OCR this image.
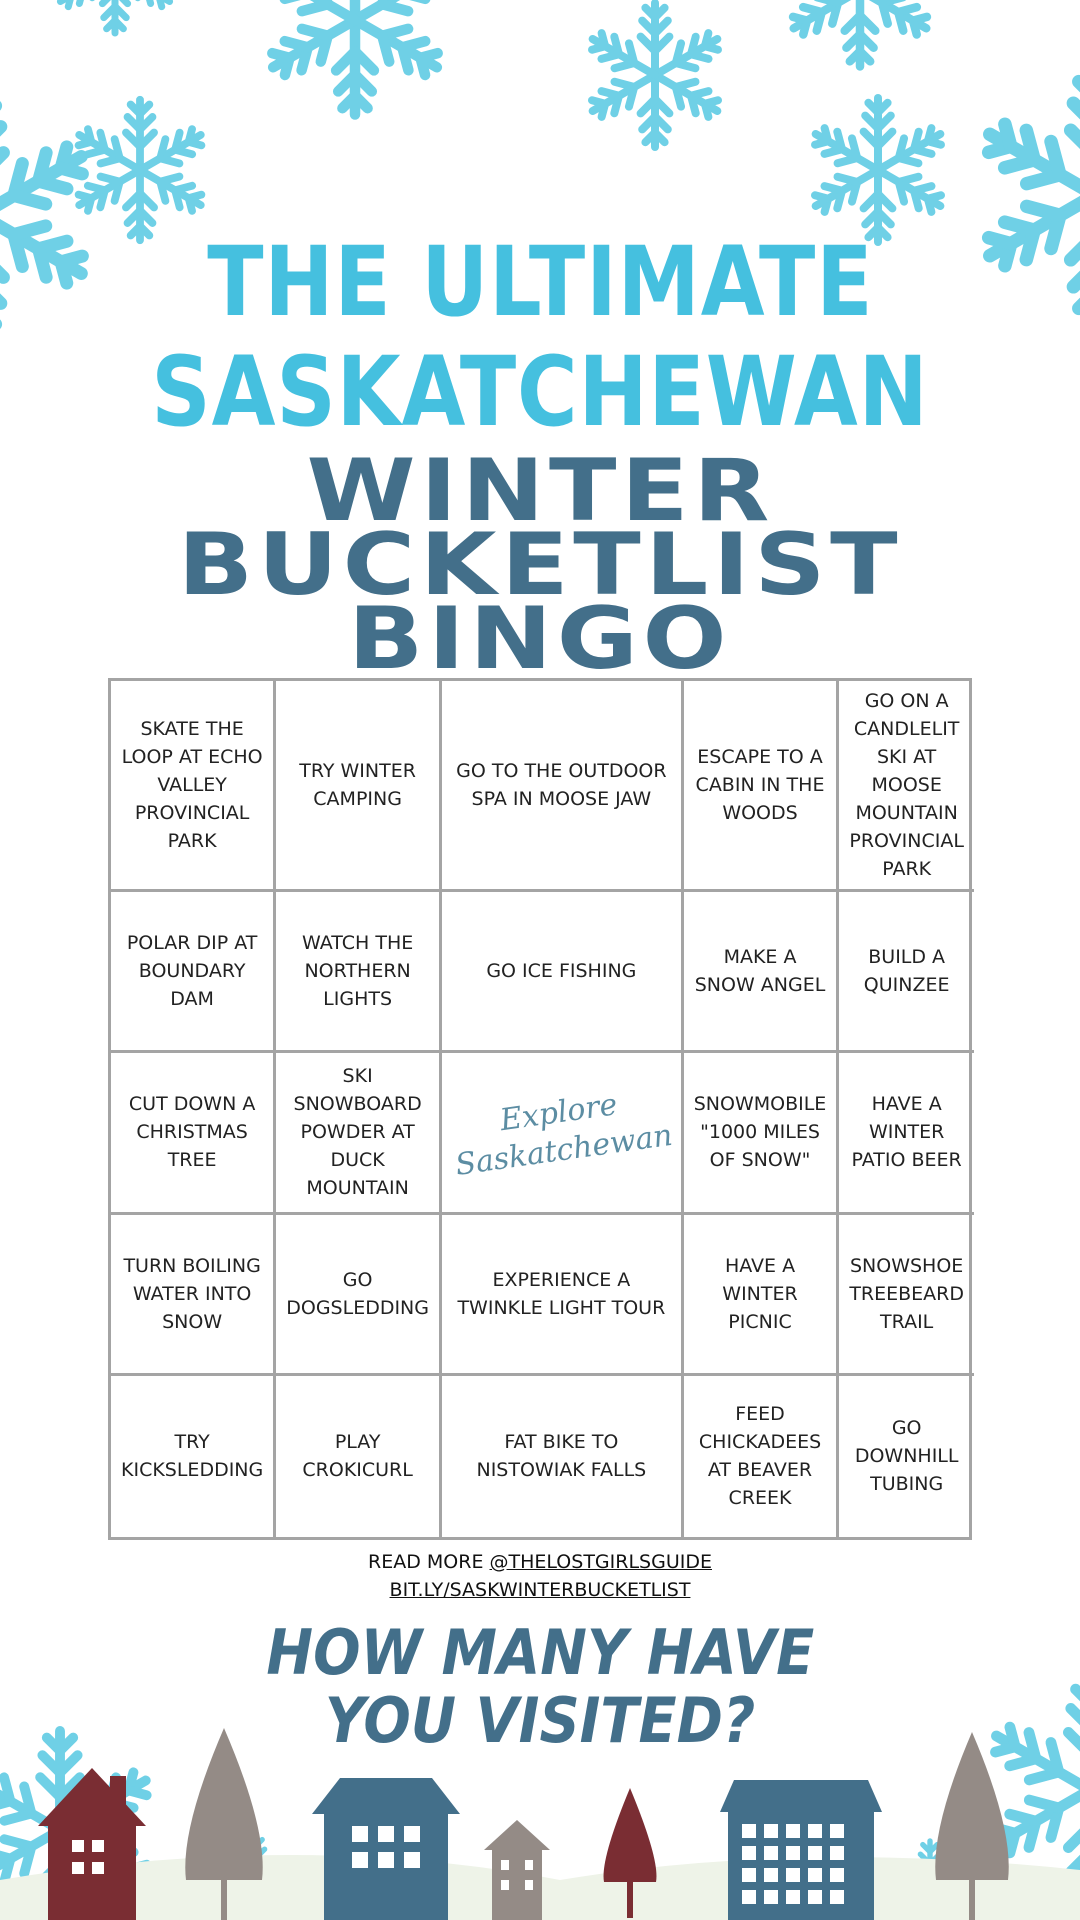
THE ULTIMATE
SASKATCHEWAN
WINTER
BUCKETLIST
BINGO
SKATE THE LOOP AT ECHO VALLEY PROVINCIAL PARK
TRY WINTER CAMPING
GO TO THE OUTDOOR SPA IN MOOSE JAW
ESCAPE TO A CABIN IN THE WOODS
GO ON A CANDLELIT SKI AT MOOSE MOUNTAIN PROVINCIAL PARK
POLAR DIP AT BOUNDARY DAM
WATCH THE NORTHERN LIGHTS
GO ICE FISHING
MAKE A SNOW ANGEL
BUILD A QUINZEE
CUT DOWN A CHRISTMAS TREE
SKI SNOWBOARD POWDER AT DUCK MOUNTAIN
Explore Saskatchewan
SNOWMOBILE "1000 MILES OF SNOW"
HAVE A WINTER PATIO BEER
TURN BOILING WATER INTO SNOW
GO DOGSLEDDING
EXPERIENCE A TWINKLE LIGHT TOUR
HAVE A WINTER PICNIC
SNOWSHOE TREEBEARD TRAIL
TRY KICKSLEDDING
PLAY CROKICURL
FAT BIKE TO NISTOWIAK FALLS
FEED CHICKADEES AT BEAVER CREEK
GO DOWNHILL TUBING
READ MORE @THELOSTGIRLSGUIDE
BIT.LY/SASKWINTERBUCKETLIST
HOW MANY HAVE
YOU VISITED?
